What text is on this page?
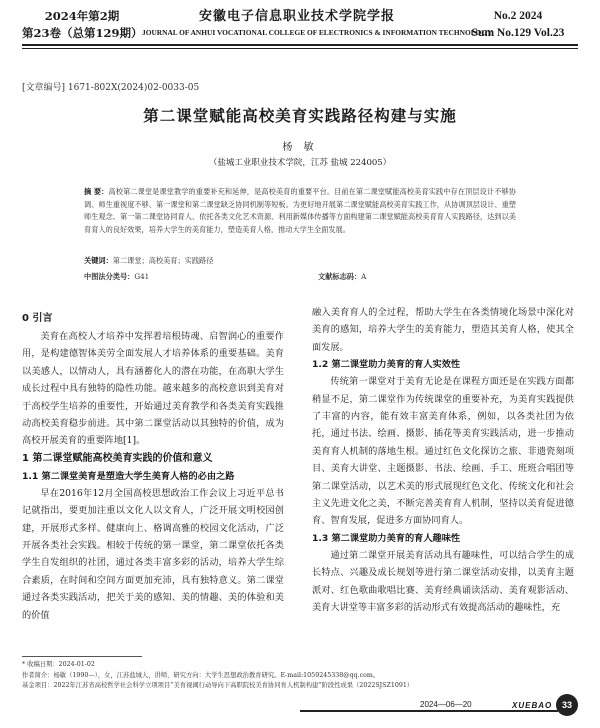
2024年第2期
第23卷（总第129期）
安徽电子信息职业技术学院学报
JOURNAL OF ANHUI VOCATIONAL COLLEGE OF ELECTRONICS & INFORMATION TECHNOLOGY
No.2 2024
Sum No.129 Vol.23
[文章编号] 1671-802X(2024)02-0033-05
第二课堂赋能高校美育实践路径构建与实施
杨 敏
（盐城工业职业技术学院，江苏 盐城 224005）
摘 要：高校第二课堂是课堂教学的重要补充和延伸，是高校美育的重要平台。目前在第二课堂赋能高校美育实践中存在顶层设计不够协调、师生重视度不够、第一课堂和第二课堂缺乏协同机制等短板。为更好地开展第二课堂赋能高校美育实践工作，从协调顶层设计、重塑师生观念、第一第二课堂协同育人、依托各类文化艺术资源、利用新媒体传播等方面构建第二课堂赋能高校美育育人实践路径，达到以美育育人的良好效果，培养大学生的美育能力，塑造美育人格，推动大学生全面发展。
关键词：第二课堂；高校美育；实践路径
中图法分类号：G41	文献标志码：A
0 引言

美育在高校人才培养中发挥着培根铸魂、启智润心的重要作用，是构建德智体美劳全面发展人才培养体系的重要基础。美育以美感人，以情动人，具有涵蓄化人的潜在功能，在高职大学生成长过程中具有独特的隐性功能。越来越多的高校意识到美育对于高校学生培养的重要性，开始通过美育教学和各类美育实践推动高校美育稳步前进。其中第二课堂活动以其独特的价值，成为高校开展美育的重要阵地[1]。

1 第二课堂赋能高校美育实践的价值和意义
1.1 第二课堂美育是塑造大学生美育人格的必由之路

早在2016年12月全国高校思想政治工作会议上习近平总书记就指出，要更加注重以文化人以文育人，广泛开展文明校园创建，开展形式多样、健康向上、格调高雅的校园文化活动，广泛开展各类社会实践。相较于传统的第一课堂，第二课堂依托各类学生自发组织的社团，通过各类丰富多彩的活动，培养大学生综合素质，在时间和空间方面更加充沛，具有独特意义。第二课堂通过各类实践活动，把关于美的感知、美的情趣、美的体验和美的价值

融入美育育人的全过程，帮助大学生在各类情境化场景中深化对美育的感知，培养大学生的美育能力，塑造其美育人格，使其全面发展。

1.2 第二课堂助力美育的育人实效性

传统第一课堂对于美育无论是在课程方面还是在实践方面都稍显不足，第二课堂作为传统课堂的重要补充，为美育实践提供了丰富的内容，能有效丰富美育体系，例如，以各类社团为依托，通过书法、绘画、摄影、插花等美育实践活动，进一步推动美育育人机制的落地生根。通过红色文化探访之旅、非遗瓷刻项目、美育大讲堂、主题摄影、书法、绘画、手工、班班合唱团等第二课堂活动，以艺术美的形式展现红色文化、传统文化和社会主义先进文化之美，不断完善美育育人机制，坚持以美育促进德育、智育发展，促进多方面协同育人。

1.3 第二课堂助力美育的育人趣味性

通过第二课堂开展美育活动具有趣味性，可以结合学生的成长特点、兴趣及成长规划等进行第二课堂活动安排，以美育主题派对、红色歌曲歌唱比赛、美育经典诵读活动、美育观影活动、美育大讲堂等丰富多彩的活动形式有效提高活动的趣味性，充

* 收稿日期：2024-01-02
作者简介：杨敏（1990—），女，江苏盐城人，讲师，研究方向：大学生思想政治教育研究。E-mail:1059245338@qq.com。
基金项目：2022年江苏省高校哲学社会科学立项项目“美育视阈行动导向下高职院校美育协同育人机制构建”阶段性成果（2022SJSZ1091）
2024—06—20	XUEBAO	33
